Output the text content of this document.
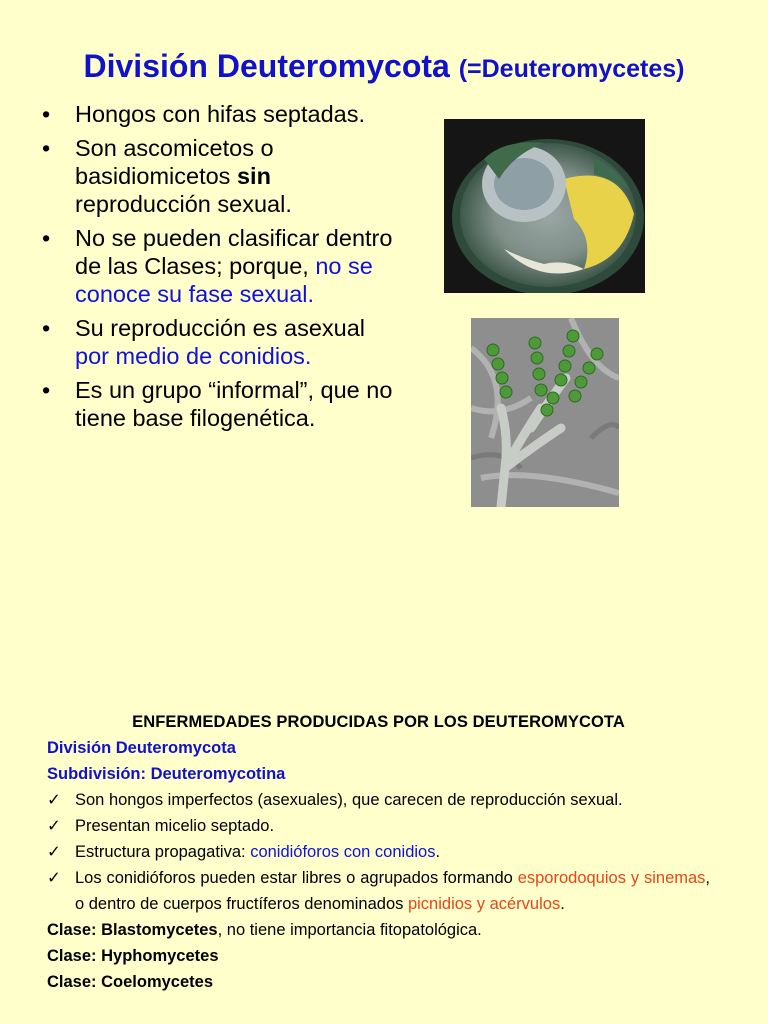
División Deuteromycota (=Deuteromycetes)
• Hongos con hifas septadas.
• Son ascomicetos o basidiomicetos sin reproducción sexual.
• No se pueden clasificar dentro de las Clases; porque, no se conoce su fase sexual.
• Su reproducción es asexual por medio de conidios.
• Es un grupo “informal”, que no tiene base filogenética.
ENFERMEDADES PRODUCIDAS POR LOS DEUTEROMYCOTA
División Deuteromycota
Subdivisión: Deuteromycotina
✓ Son hongos imperfectos (asexuales), que carecen de reproducción sexual.
✓ Presentan micelio septado.
✓ Estructura propagativa: conidióforos con conidios.
✓ Los conidióforos pueden estar libres o agrupados formando esporodoquios y sinemas, o dentro de cuerpos fructíferos denominados picnidios y acérvulos.
Clase: Blastomycetes, no tiene importancia fitopatológica.
Clase: Hyphomycetes
Clase: Coelomycetes
